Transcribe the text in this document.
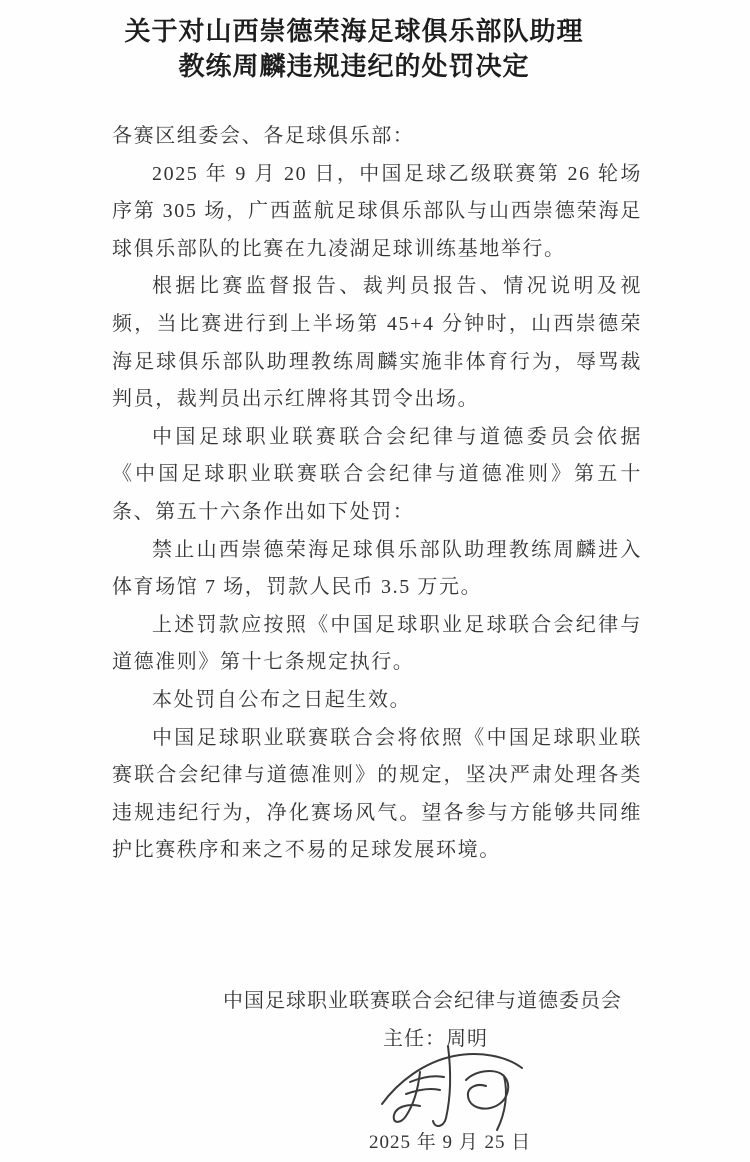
关于对山西崇德荣海足球俱乐部队助理
教练周麟违规违纪的处罚决定

各赛区组委会、各足球俱乐部：

2025 年 9 月 20 日，中国足球乙级联赛第 26 轮场序第 305 场，广西蓝航足球俱乐部队与山西崇德荣海足球俱乐部队的比赛在九凌湖足球训练基地举行。

根据比赛监督报告、裁判员报告、情况说明及视频，当比赛进行到上半场第 45+4 分钟时，山西崇德荣海足球俱乐部队助理教练周麟实施非体育行为，辱骂裁判员，裁判员出示红牌将其罚令出场。

中国足球职业联赛联合会纪律与道德委员会依据《中国足球职业联赛联合会纪律与道德准则》第五十条、第五十六条作出如下处罚：

禁止山西崇德荣海足球俱乐部队助理教练周麟进入体育场馆 7 场，罚款人民币 3.5 万元。

上述罚款应按照《中国足球职业足球联合会纪律与道德准则》第十七条规定执行。

本处罚自公布之日起生效。

中国足球职业联赛联合会将依照《中国足球职业联赛联合会纪律与道德准则》的规定，坚决严肃处理各类违规违纪行为，净化赛场风气。望各参与方能够共同维护比赛秩序和来之不易的足球发展环境。

中国足球职业联赛联合会纪律与道德委员会
主任：周明
2025 年 9 月 25 日
